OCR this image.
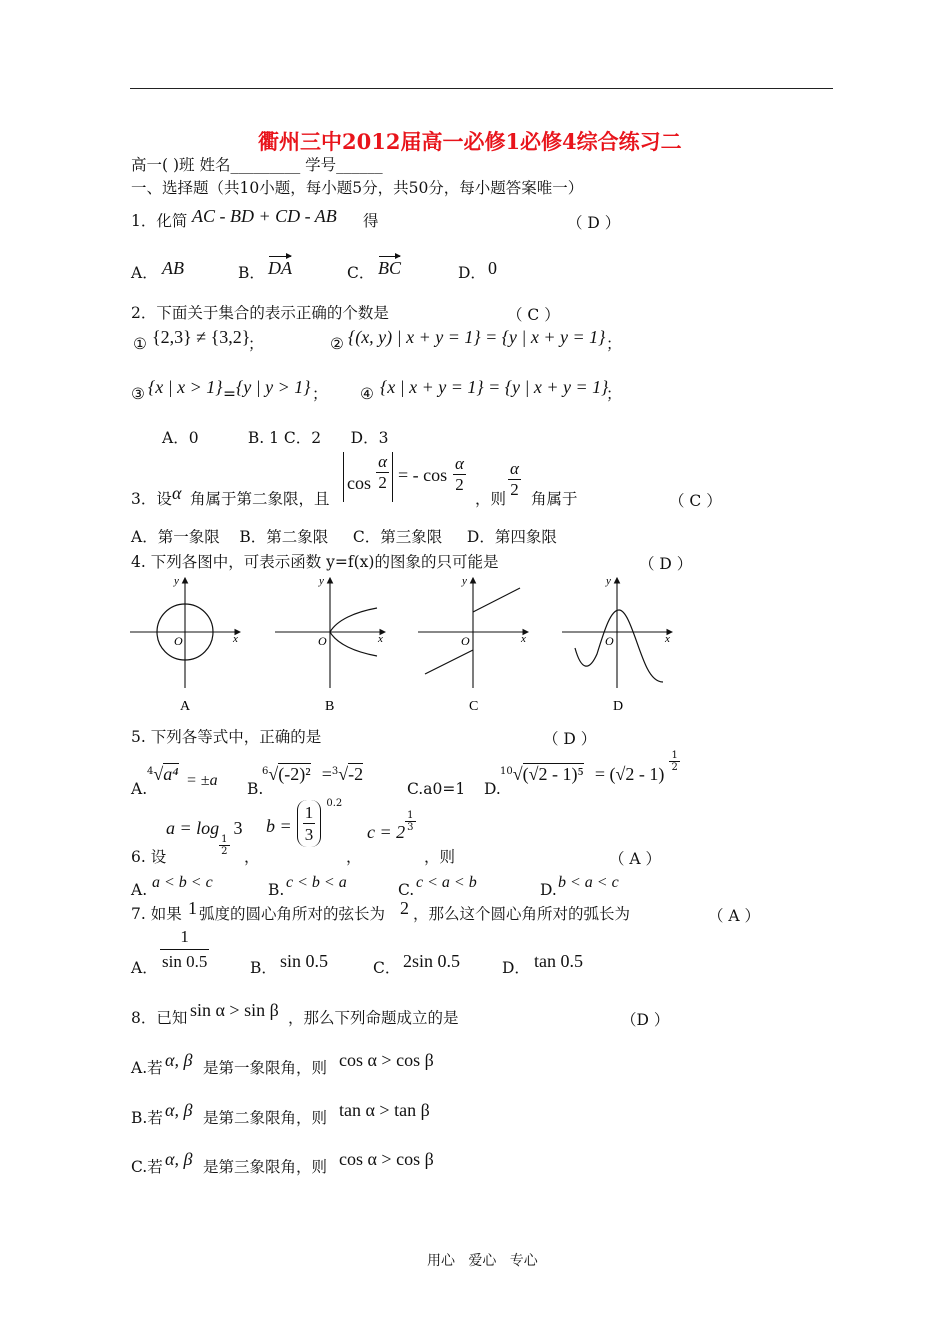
衢州三中2012届高一必修1必修4综合练习二
高一( )班 姓名_________ 学号______
一、选择题（共10小题，每小题5分，共50分，每小题答案唯一）
1．化简 AC - BD + CD - AB 得	（ D ）
A． AB	B． DA	C． BC	D． 0
2．下面关于集合的表示正确的个数是	（ C ）
① {2,3} ≠ {3,2}
；	② {(x, y) | x + y = 1} = {y | x + y = 1} ；
③ {x | x > 1} = {y | y > 1} ； ④ {x | x + y = 1} = {y | x + y = 1}
；
A．0          B. 1 C．2      D．3
3．设 α 角属于第二象限，且
$\cos \frac{\alpha}{2}$ = - $\cos \frac{\alpha}{2}$
，则 $\frac{\alpha}{2}$ 角属于	（ C ）
A．第一象限    B．第二象限     C．第三象限     D．第四象限
4. 下列各图中，可表示函数 y=f(x)的图象的只可能是	（ D ）
y
x
O
A
y
x
O
B
y
x
O
C
y
x
O
D
5. 下列各等式中，正确的是	（ D ）
A.
$^4$√a⁴ = ±a B.
$^6$√(-2)² =$^3$√-2
C.a0=1 D.
$^{10}$√(√2 - 1)⁵ = (√2 - 1)
$\frac{1}{2}$
6. 设
a = log
$\frac{1}{2}$
3
，
$b = \frac{1}{3} ^{0.2}$
，
$c = 2 \frac{1}{3}$
，则	（ A ）
A. a < b < c	B. c < b < a	C. c < a < b	D. b < a < c
7. 如果 1 弧度的圆心角所对的弦长为 2 ，那么这个圆心角所对的弧长为	（ A ）
A． $\frac{1}{\sin 0.5}$	B． sin 0.5	C． 2sin 0.5	D． tan 0.5
8．已知 sin α > sin β ，那么下列命题成立的是	（D ）
A.若 α, β 是第一象限角，则 cos α > cos β
B.若 α, β 是第二象限角，则 tan α > tan β
C.若 α, β 是第三象限角，则 cos α > cos β
用心   爱心   专心
